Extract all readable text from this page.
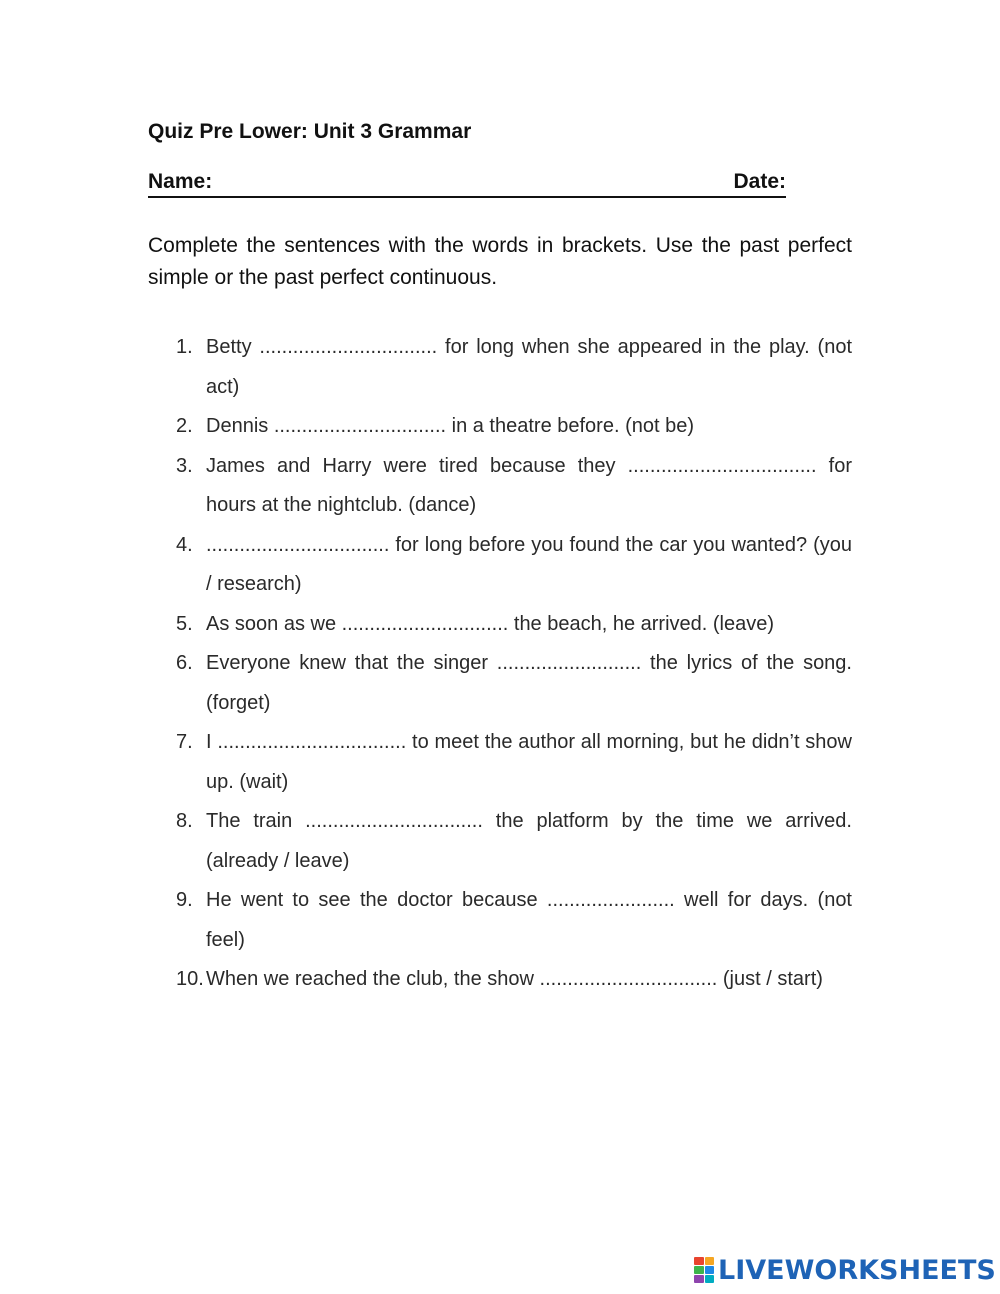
Quiz Pre Lower: Unit 3 Grammar
Name:	Date:
Complete the sentences with the words in brackets. Use the past perfect simple or the past perfect continuous.
1. Betty ................................ for long when she appeared in the play. (not act)
2. Dennis ............................... in a theatre before. (not be)
3. James and Harry were tired because they .................................. for hours at the nightclub. (dance)
4. ................................. for long before you found the car you wanted? (you / research)
5. As soon as we .............................. the beach, he arrived. (leave)
6. Everyone knew that the singer .......................... the lyrics of the song. (forget)
7. I .................................. to meet the author all morning, but he didn’t show up. (wait)
8. The train ................................ the platform by the time we arrived. (already / leave)
9. He went to see the doctor because ....................... well for days. (not feel)
10. When we reached the club, the show ................................ (just / start)
LIVEWORKSHEETS
